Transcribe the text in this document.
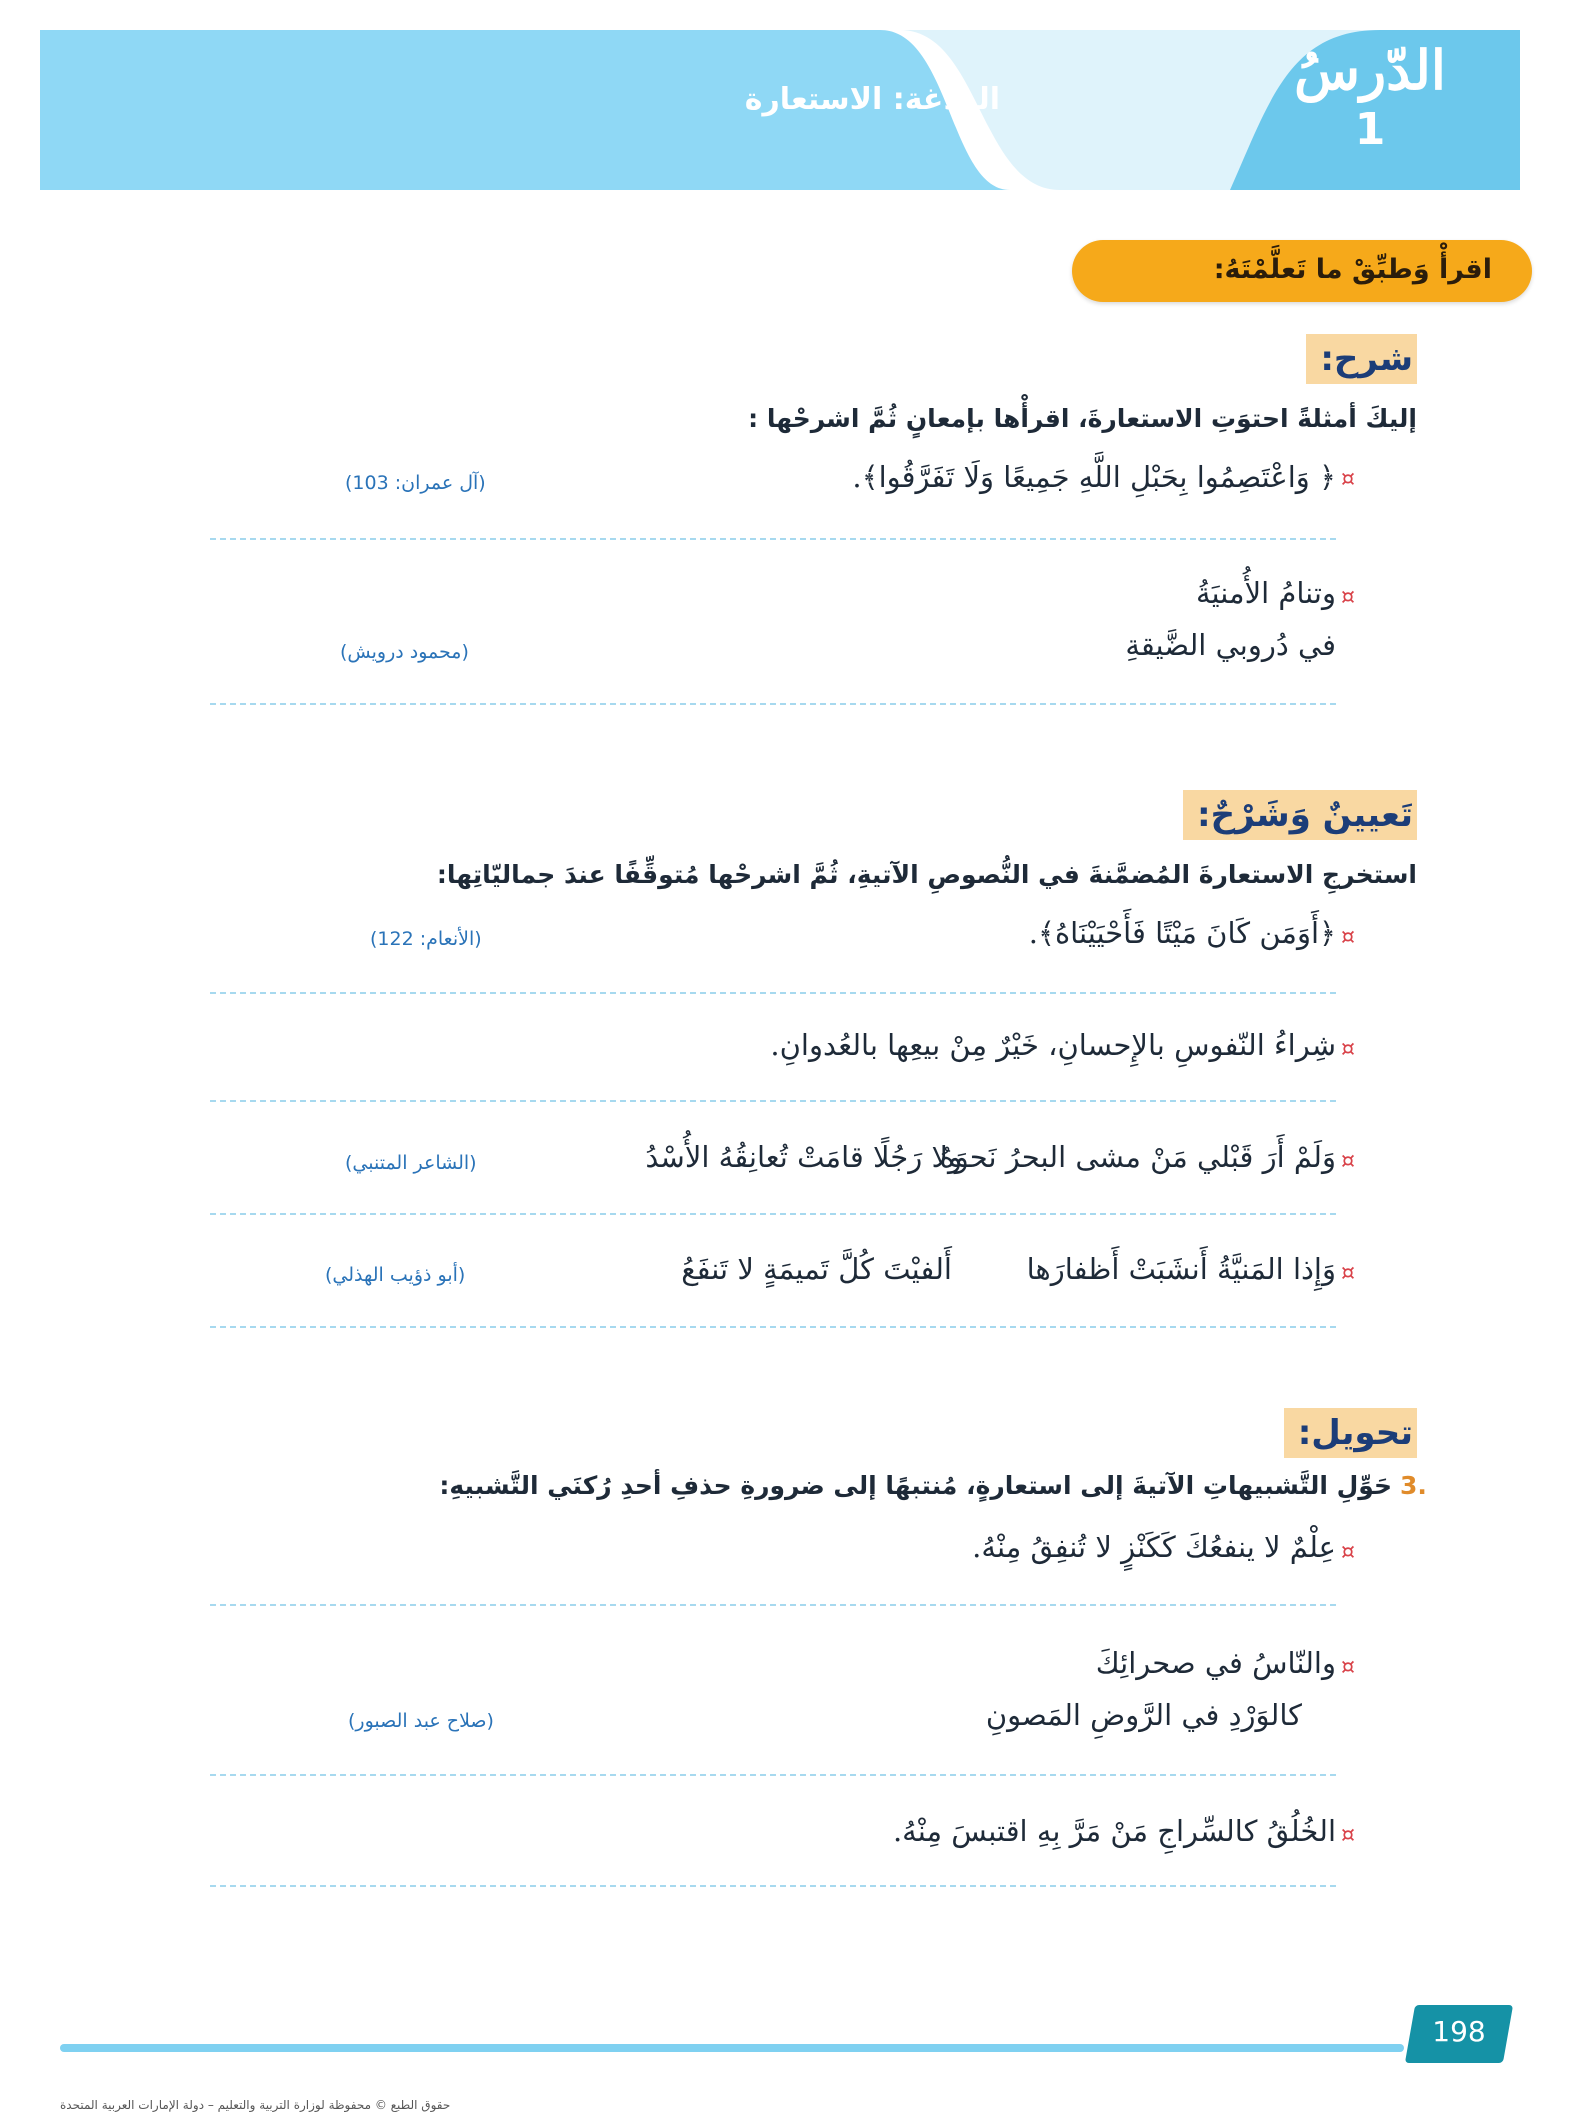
الدّرسُ
1
البلاغة: الاستعارة
اقرأْ وَطبِّقْ ما تَعلَّمْتَهُ:
شرح:
إليكَ أمثلةً احتوَتِ الاستعارةَ، اقرأْها بإمعانٍ ثُمَّ اشرحْها :
¤
﴿ وَاعْتَصِمُوا بِحَبْلِ اللَّهِ جَمِيعًا وَلَا تَفَرَّقُوا﴾.
(آل عمران: 103)
¤
وتنامُ الأُمنيَةُ
في دُروبي الضَّيقةِ
(محمود درويش)
تَعيينٌ وَشَرْحٌ:
استخرجِ الاستعارةَ المُضمَّنةَ في النُّصوصِ الآتيةِ، ثُمَّ اشرحْها مُتوقِّفًا عندَ جماليّاتِها:
¤
﴿أَوَمَن كَانَ مَيْتًا فَأَحْيَيْنَاهُ﴾.
(الأنعام: 122)
¤
شِراءُ النّفوسِ بالإِحسانِ، خَيْرٌ مِنْ بيعِها بالعُدوانِ.
¤
وَلَمْ أَرَ قَبْلي مَنْ مشى البحرُ نَحوَهُ
ولا رَجُلًا قامَتْ تُعانِقُهُ الأُسْدُ
(الشاعر المتنبي)
¤
وَإِذا المَنيَّةُ أَنشَبَتْ أَظفارَها
أَلفيْتَ كُلَّ تَميمَةٍ لا تَنفَعُ
(أبو ذؤيب الهذلي)
تحويل:
3.
حَوِّلِ التَّشبيهاتِ الآتيةَ إلى استعارةٍ، مُنتبهًا إلى ضرورةِ حذفِ أحدِ رُكنَي التَّشبيهِ:
¤
عِلْمٌ لا ينفعُكَ كَكَنْزٍ لا تُنفِقُ مِنْهُ.
¤
والنّاسُ في صحرائِكَ
كالوَرْدِ في الرَّوضِ المَصونِ
(صلاح عبد الصبور)
¤
الخُلُقُ كالسِّراجِ مَنْ مَرَّ بِهِ اقتبسَ مِنْهُ.
198
حقوق الطبع © محفوظة لوزارة التربية والتعليم – دولة الإمارات العربية المتحدة
